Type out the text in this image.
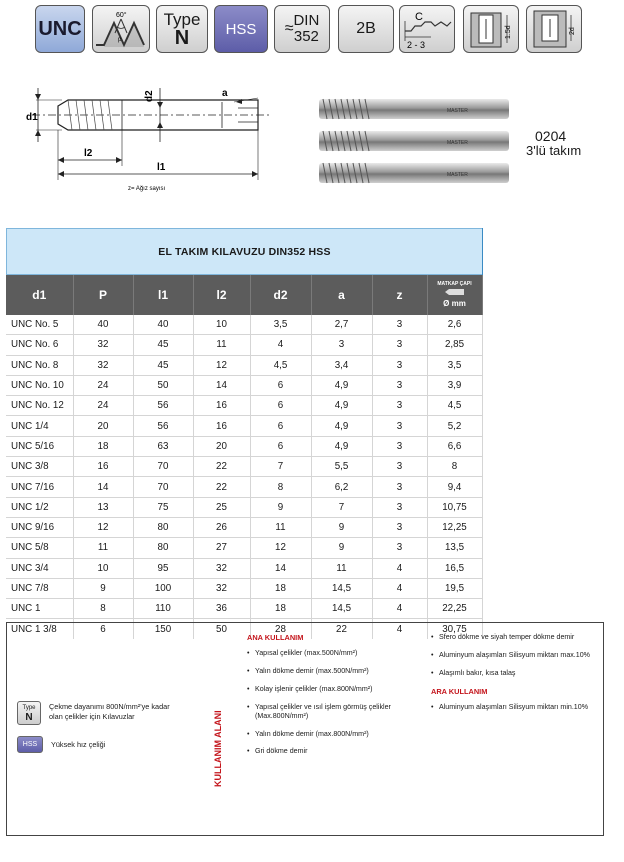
UNC
60°
p
Type
N HSS ≈ DIN
352 2B
C
2 - 3
1.5d	2d
d1
d2	a
l2
l1
z= Ağız sayısı
MASTER
MASTER
MASTER
0204
3'lü takım
EL TAKIM KILAVUZU DIN352 HSS
d1	P	l1	l2	d2	a	z	MATKAP ÇAPI

Ø mm
UNC No. 5	40	40	10	3,5	2,7	3	2,6
UNC No. 6	32	45	11	4	3	3	2,85
UNC No. 8	32	45	12	4,5	3,4	3	3,5
UNC No. 10	24	50	14	6	4,9	3	3,9
UNC No. 12	24	56	16	6	4,9	3	4,5
UNC 1/4	20	56	16	6	4,9	3	5,2
UNC 5/16	18	63	20	6	4,9	3	6,6
UNC 3/8	16	70	22	7	5,5	3	8
UNC 7/16	14	70	22	8	6,2	3	9,4
UNC 1/2	13	75	25	9	7	3	10,75
UNC 9/16	12	80	26	11	9	3	12,25
UNC 5/8	11	80	27	12	9	3	13,5
UNC 3/4	10	95	32	14	11	4	16,5
UNC 7/8	9	100	32	18	14,5	4	19,5
UNC 1	8	110	36	18	14,5	4	22,25
UNC 1 3/8	6	150	50	28	22	4	30,75
Type
N
Çekme dayanımı 800N/mm²'ye kadar olan çelikler için Kılavuzlar
HSS	Yüksek hız çeliği	KULLANIM ALANI
ANA KULLANIM
• Yapısal çelikler (max.500N/mm²)
• Yalın dökme demir (max.500N/mm²)
• Kolay işlenir çelikler (max.800N/mm²)
• Yapısal çelikler ve ısıl işlem görmüş çelikler (Max.800N/mm²)
• Yalın dökme demir (max.800N/mm²)
• Gri dökme demir
• Sfero dökme ve siyah temper dökme demir
• Aluminyum alaşımları Silisyum miktarı max.10%
• Alaşımlı bakır, kısa talaş
ARA KULLANIM
• Aluminyum alaşımları Silisyum miktarı min.10%
